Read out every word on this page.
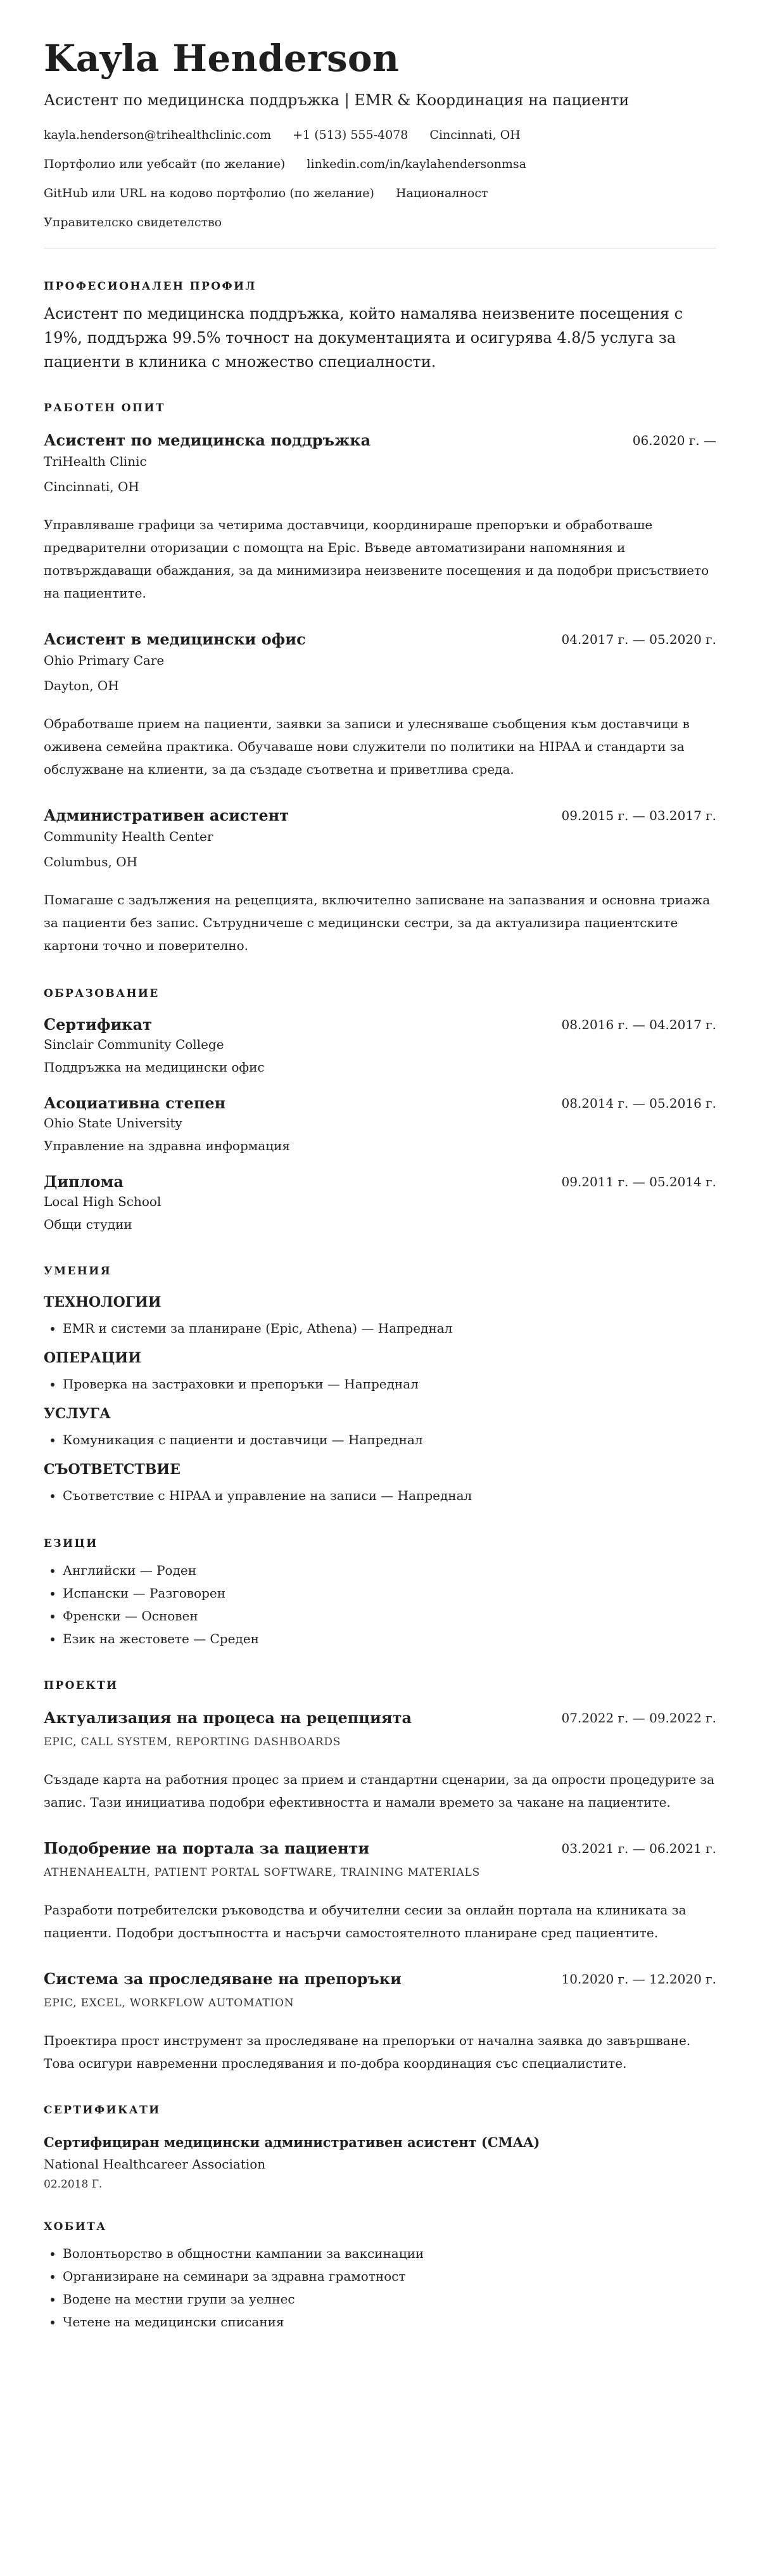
Kayla Henderson

Асистент по медицинска поддръжка | EMR & Координация на пациенти

kayla.henderson@trihealthclinic.com +1 (513) 555-4078 Cincinnati, OH
Портфолио или уебсайт (по желание) linkedin.com/in/kaylahendersonmsa
GitHub или URL на кодово портфолио (по желание) Националност
Управителско свидетелство
ПРОФЕСИОНАЛЕН ПРОФИЛ

Асистент по медицинска поддръжка, който намалява неизвените посещения с 19%, поддържа 99.5% точност на документацията и осигурява 4.8/5 услуга за пациенти в клиника с множество специалности.

РАБОТЕН ОПИТ
Асистент по медицинска поддръжка	06.2020 г. —

TriHealth Clinic

Cincinnati, OH

Управляваше графици за четирима доставчици, координираше препоръки и обработваше предварителни оторизации с помощта на Epic. Въведе автоматизирани напомняния и потвърждаващи обаждания, за да минимизира неизвените посещения и да подобри присъствието на пациентите.

Асистент в медицински офис	04.2017 г. — 05.2020 г.

Ohio Primary Care

Dayton, OH

Обработваше прием на пациенти, заявки за записи и улесняваше съобщения към доставчици в оживена семейна практика. Обучаваше нови служители по политики на HIPAA и стандарти за обслужване на клиенти, за да създаде съответна и приветлива среда.

Административен асистент	09.2015 г. — 03.2017 г.

Community Health Center

Columbus, OH

Помагаше с задължения на рецепцията, включително записване на запазвания и основна триажа за пациенти без запис. Сътрудничеше с медицински сестри, за да актуализира пациентските картони точно и поверително.

ОБРАЗОВАНИЕ
Сертификат	08.2016 г. — 04.2017 г.

Sinclair Community College

Поддръжка на медицински офис

Асоциативна степен	08.2014 г. — 05.2016 г.

Ohio State University

Управление на здравна информация

Диплома	09.2011 г. — 05.2014 г.

Local High School

Общи студии

УМЕНИЯ
ТЕХНОЛОГИИ
• EMR и системи за планиране (Epic, Athena) — Напреднал
ОПЕРАЦИИ
• Проверка на застраховки и препоръки — Напреднал
УСЛУГА
• Комуникация с пациенти и доставчици — Напреднал
СЪОТВЕТСТВИЕ
• Съответствие с HIPAA и управление на записи — Напреднал
ЕЗИЦИ
• Английски — Роден
• Испански — Разговорен
• Френски — Основен
• Език на жестовете — Среден
ПРОЕКТИ
Актуализация на процеса на рецепцията	07.2022 г. — 09.2022 г.

EPIC, CALL SYSTEM, REPORTING DASHBOARDS

Създаде карта на работния процес за прием и стандартни сценарии, за да опрости процедурите за запис. Тази инициатива подобри ефективността и намали времето за чакане на пациентите.

Подобрение на портала за пациенти	03.2021 г. — 06.2021 г.

ATHENAHEALTH, PATIENT PORTAL SOFTWARE, TRAINING MATERIALS

Разработи потребителски ръководства и обучителни сесии за онлайн портала на клиниката за пациенти. Подобри достъпността и насърчи самостоятелното планиране сред пациентите.

Система за проследяване на препоръки	10.2020 г. — 12.2020 г.

EPIC, EXCEL, WORKFLOW AUTOMATION

Проектира прост инструмент за проследяване на препоръки от начална заявка до завършване. Това осигури навременни проследявания и по-добра координация със специалистите.

СЕРТИФИКАТИ
Сертифициран медицински административен асистент (CMAA)

National Healthcareer Association

02.2018 Г.

ХОБИТА
• Волонтьорство в общностни кампании за ваксинации
• Организиране на семинари за здравна грамотност
• Водене на местни групи за уелнес
• Четене на медицински списания
